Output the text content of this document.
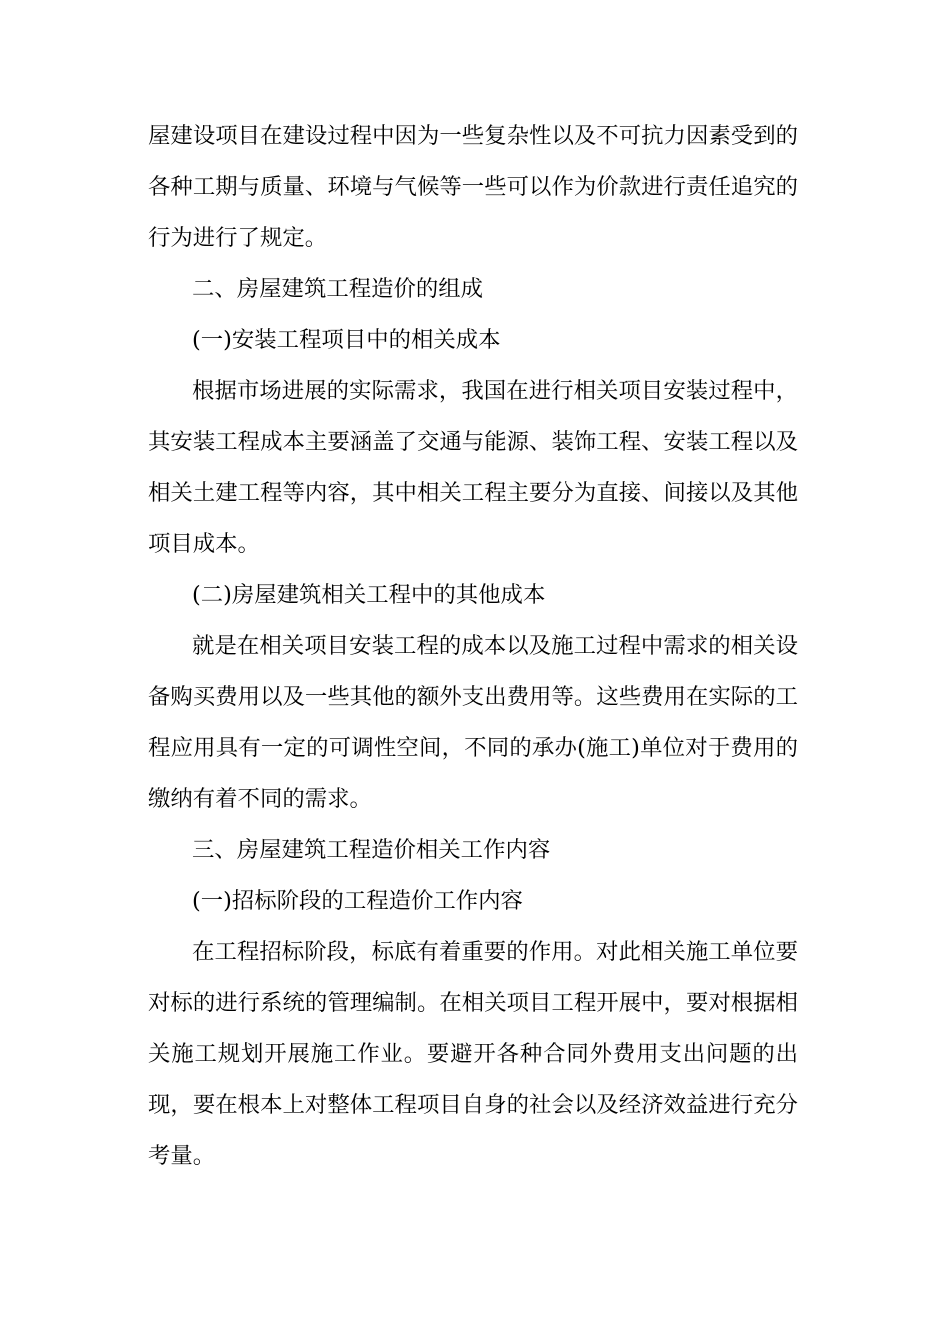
屋建设项目在建设过程中因为一些复杂性以及不可抗力因素受到的各种工期与质量、环境与气候等一些可以作为价款进行责任追究的行为进行了规定。

二、房屋建筑工程造价的组成

(一)安装工程项目中的相关成本

根据市场进展的实际需求，我国在进行相关项目安装过程中，其安装工程成本主要涵盖了交通与能源、装饰工程、安装工程以及相关土建工程等内容，其中相关工程主要分为直接、间接以及其他项目成本。

(二)房屋建筑相关工程中的其他成本

就是在相关项目安装工程的成本以及施工过程中需求的相关设备购买费用以及一些其他的额外支出费用等。这些费用在实际的工程应用具有一定的可调性空间，不同的承办(施工)单位对于费用的缴纳有着不同的需求。

三、房屋建筑工程造价相关工作内容

(一)招标阶段的工程造价工作内容

在工程招标阶段，标底有着重要的作用。对此相关施工单位要对标的进行系统的管理编制。在相关项目工程开展中，要对根据相关施工规划开展施工作业。要避开各种合同外费用支出问题的出现，要在根本上对整体工程项目自身的社会以及经济效益进行充分考量。
